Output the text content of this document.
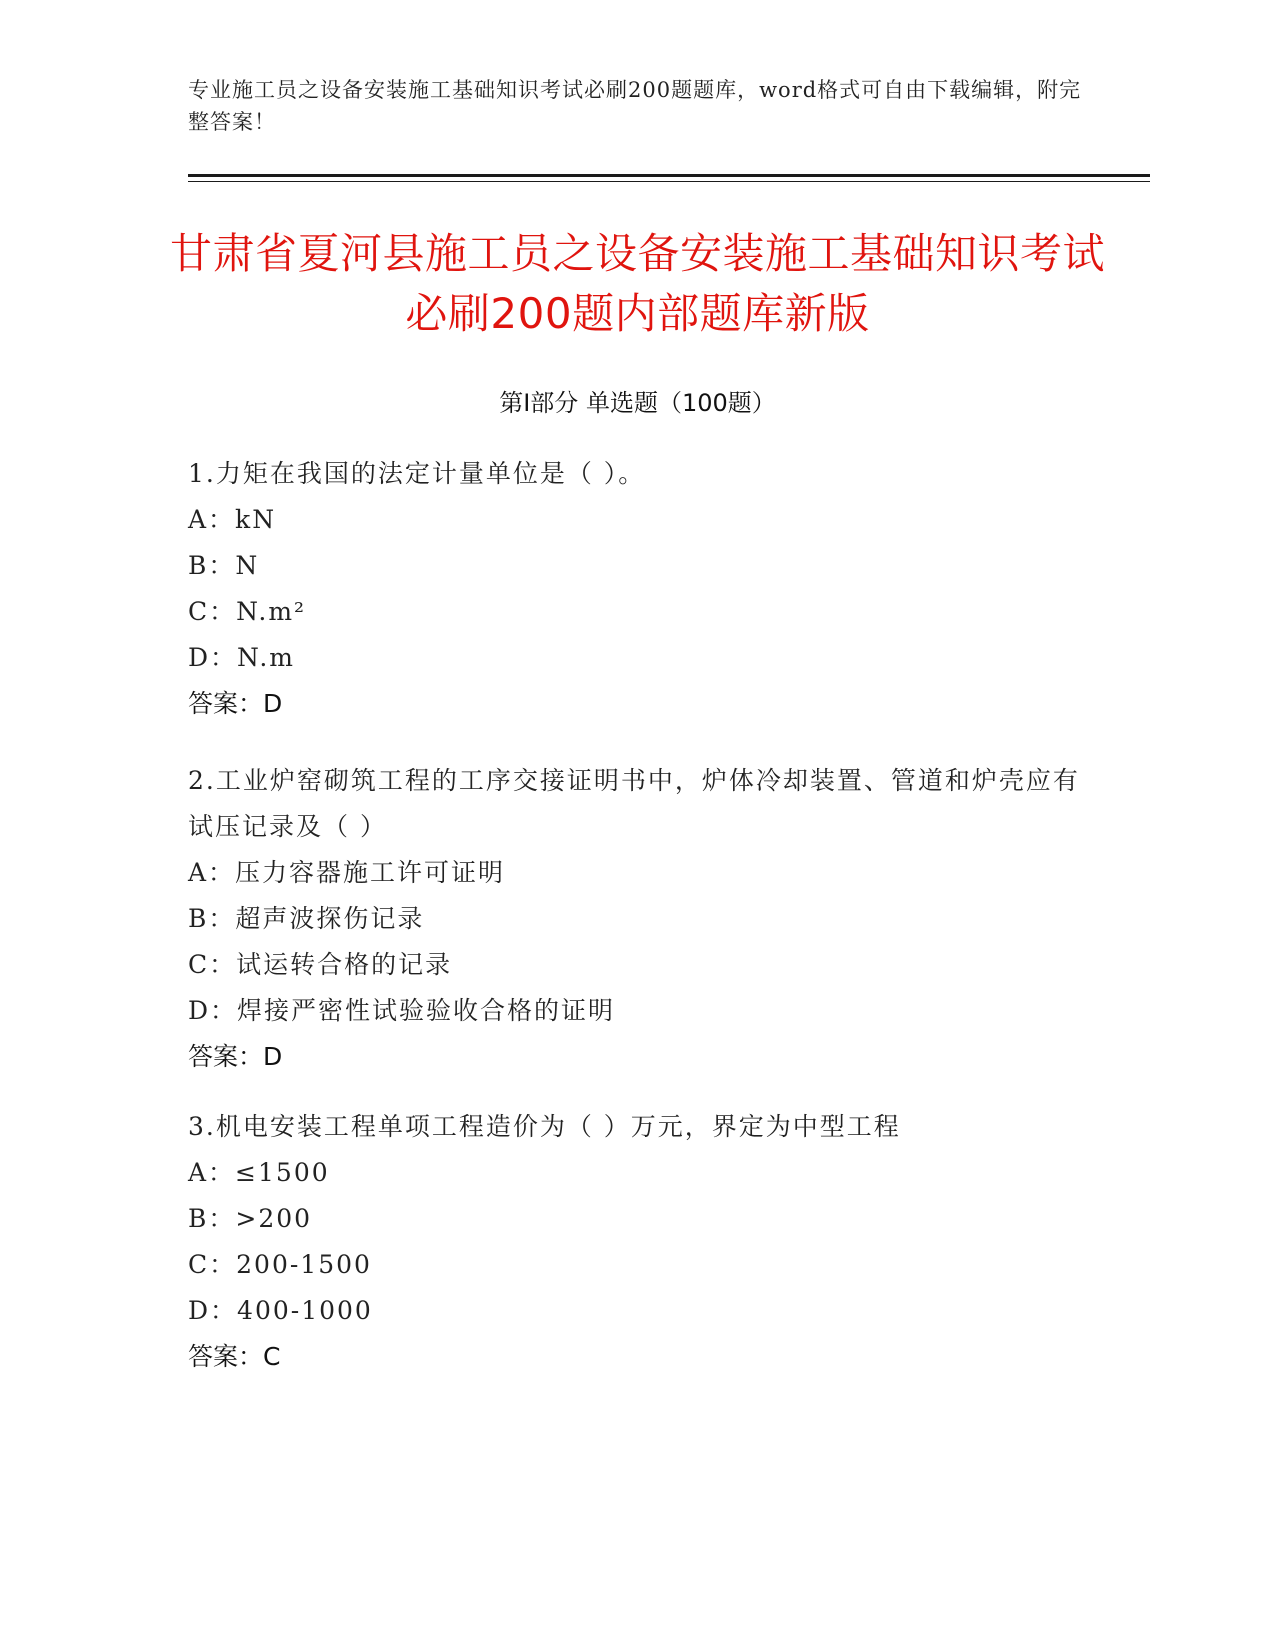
专业施工员之设备安装施工基础知识考试必刷200题题库，word格式可自由下载编辑，附完整答案！
甘肃省夏河县施工员之设备安装施工基础知识考试必刷200题内部题库新版
第Ⅰ部分 单选题（100题）
1.力矩在我国的法定计量单位是（ ）。
A：kN
B：N
C：N.m²
D：N.m
答案：D
2.工业炉窑砌筑工程的工序交接证明书中，炉体冷却装置、管道和炉壳应有试压记录及（ ）
A：压力容器施工许可证明
B：超声波探伤记录
C：试运转合格的记录
D：焊接严密性试验验收合格的证明
答案：D
3.机电安装工程单项工程造价为（ ）万元，界定为中型工程
A：≤1500
B：>200
C：200-1500
D：400-1000
答案：C
